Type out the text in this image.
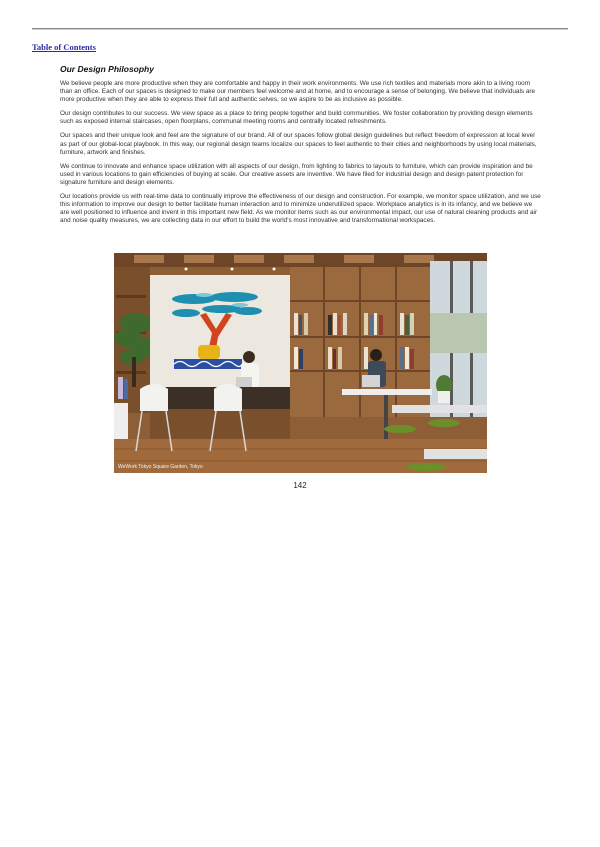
Table of Contents
Our Design Philosophy

We believe people are more productive when they are comfortable and happy in their work environments. We use rich textiles and materials more akin to a living room than an office. Each of our spaces is designed to make our members feel welcome and at home, and to encourage a sense of belonging. We believe that individuals are more productive when they are able to express their full and authentic selves, so we aspire to be as inclusive as possible.

Our design contributes to our success. We view space as a place to bring people together and build communities. We foster collaboration by providing design elements such as exposed internal staircases, open floorplans, communal meeting rooms and centrally located refreshments.

Our spaces and their unique look and feel are the signature of our brand. All of our spaces follow global design guidelines but reflect freedom of expression at local level as part of our global-local playbook. In this way, our regional design teams localize our spaces to feel authentic to their cities and neighborhoods by using local materials, furniture, artwork and finishes.

We continue to innovate and enhance space utilization with all aspects of our design, from lighting to fabrics to layouts to furniture, which can provide inspiration and be used in various locations to gain efficiencies of buying at scale. Our creative assets are inventive. We have filed for industrial design and design patent protection for signature furniture and design elements.

Our locations provide us with real-time data to continually improve the effectiveness of our design and construction. For example, we monitor space utilization, and we use this information to improve our design to better facilitate human interaction and to minimize underutilized space. Workplace analytics is in its infancy, and we believe we are well positioned to influence and invent in this important new field. As we monitor items such as our environmental impact, our use of natural cleaning products and air and noise quality measures, we are collecting data in our effort to build the world's most innovative and transformational workspaces.

WeWork Tokyo Square Garden, Tokyo
142
